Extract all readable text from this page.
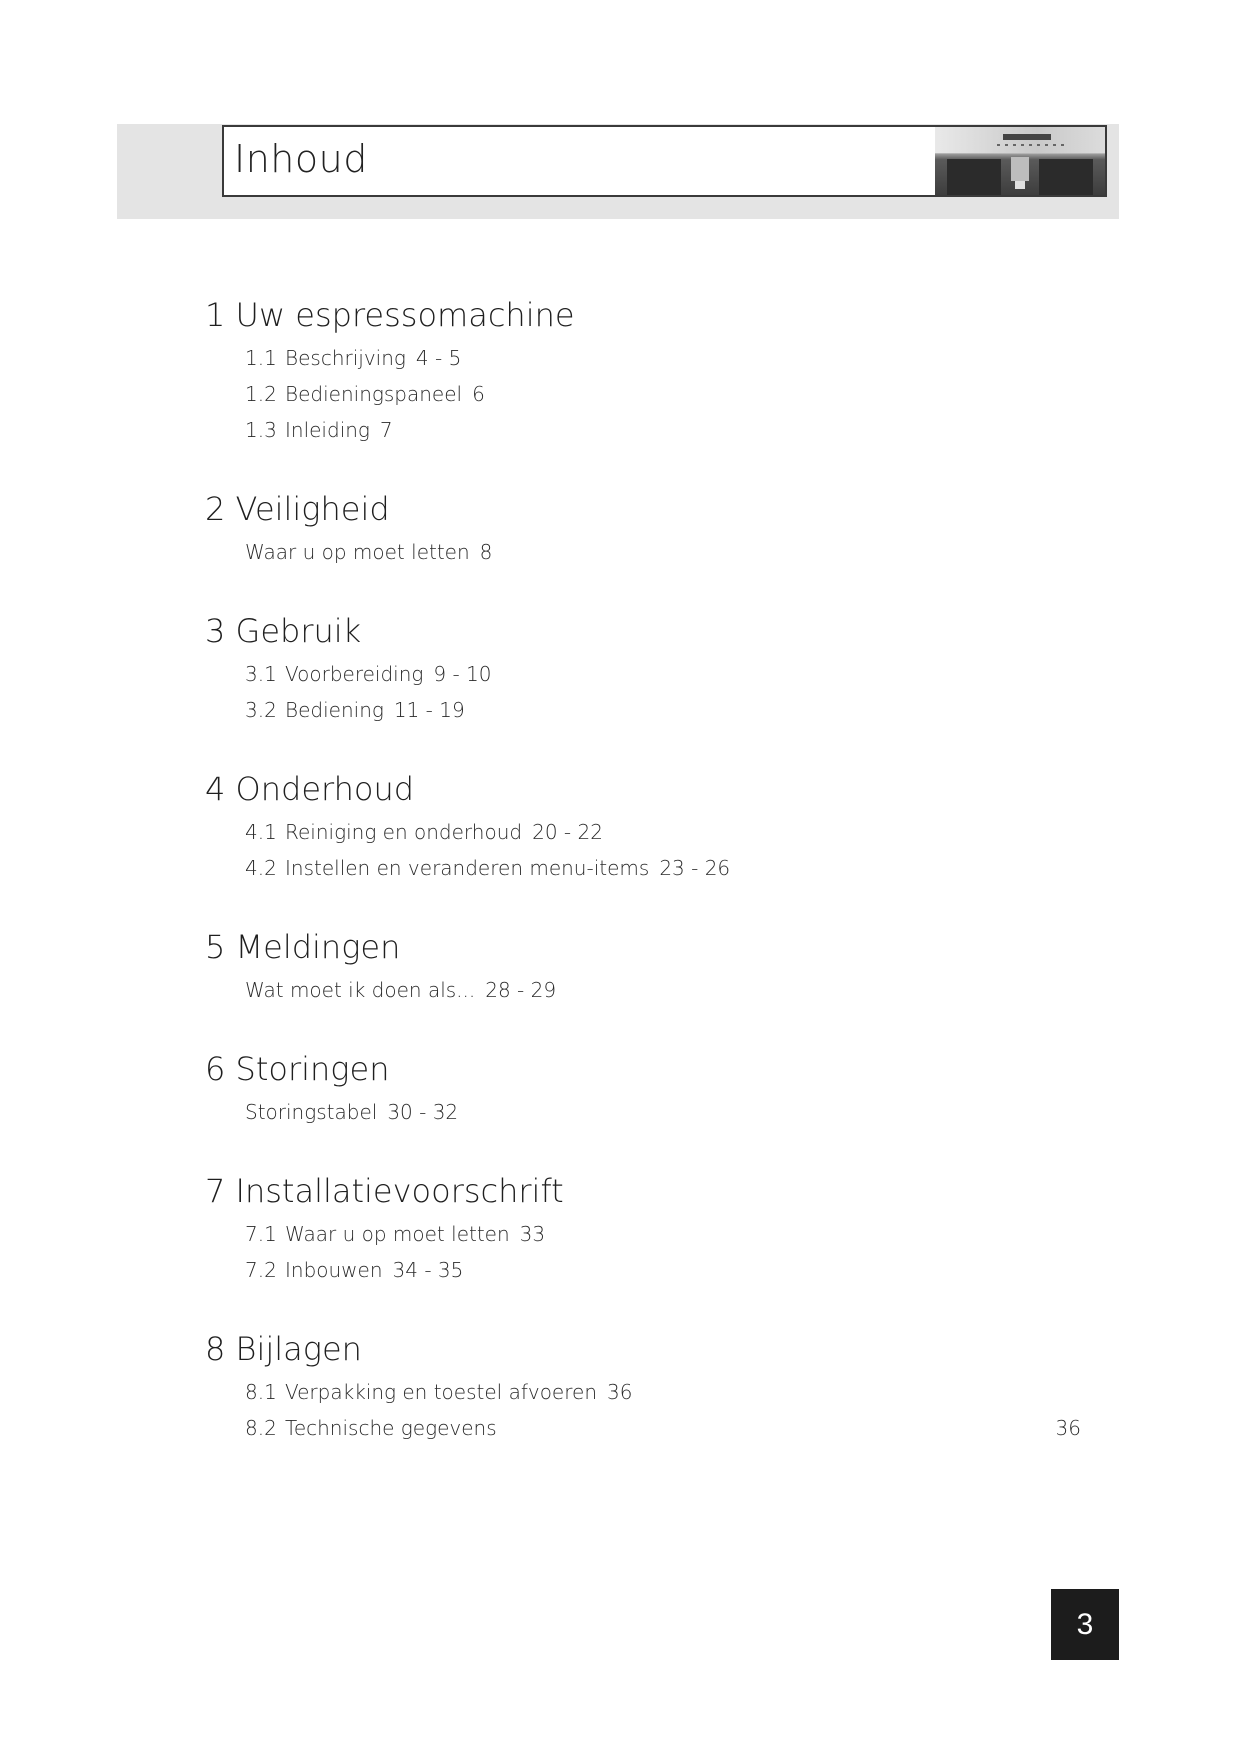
Inhoud
1 Uw espressomachine
1.1 Beschrijving 4 - 5
1.2 Bedieningspaneel 6
1.3 Inleiding 7
2 Veiligheid
Waar u op moet letten 8
3 Gebruik
3.1 Voorbereiding 9 - 10
3.2 Bediening 11 - 19
4 Onderhoud
4.1 Reiniging en onderhoud 20 - 22
4.2 Instellen en veranderen menu-items 23 - 26
5 Meldingen
Wat moet ik doen als... 28 - 29
6 Storingen
Storingstabel 30 - 32
7 Installatievoorschrift
7.1 Waar u op moet letten 33
7.2 Inbouwen 34 - 35
8 Bijlagen
8.1 Verpakking en toestel afvoeren 36
8.2 Technische gegevens	36
3
